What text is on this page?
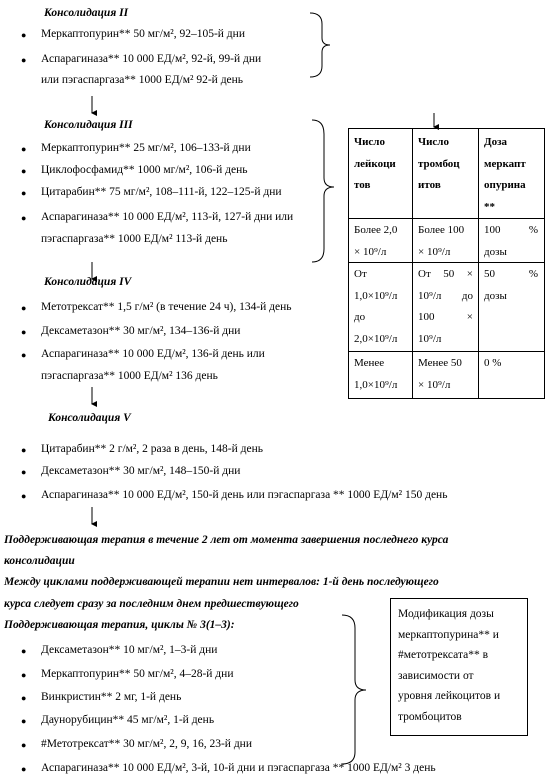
Консолидация II
● Меркаптопурин** 50 мг/м², 92–105-й дни
● Аспарагиназа** 10 000 ЕД/м², 92-й, 99-й дни
или пэгаспаргаза** 1000 ЕД/м² 92-й день
Консолидация III
● Меркаптопурин** 25 мг/м², 106–133-й дни
● Циклофосфамид** 1000 мг/м², 106-й день
● Цитарабин** 75 мг/м², 108–111-й, 122–125-й дни
● Аспарагиназа** 10 000 ЕД/м², 113-й, 127-й дни или
пэгаспаргаза** 1000 ЕД/м² 113-й день
Консолидация IV
● Метотрексат** 1,5 г/м² (в течение 24 ч), 134-й день
● Дексаметазон** 30 мг/м², 134–136-й дни
● Аспарагиназа** 10 000 ЕД/м², 136-й день или
пэгаспаргаза** 1000 ЕД/м² 136 день
Консолидация V
● Цитарабин** 2 г/м², 2 раза в день, 148-й день
● Дексаметазон** 30 мг/м², 148–150-й дни
● Аспарагиназа** 10 000 ЕД/м², 150-й день или пэгаспаргаза ** 1000 ЕД/м² 150 день
Число
лейкоци
тов
Число
тромбоц
итов
Доза
меркапт
опурина
**
Более 2,0
× 10⁹/л
Более 100
× 10⁹/л
100 %
дозы
От
1,0×10⁹/л
до
2,0×10⁹/л
От 50 ×
10⁹/л до
100 ×
10⁹/л
50 %
дозы
Менее
1,0×10⁹/л
Менее 50
× 10⁹/л
0 %
Поддерживающая терапия в течение 2 лет от момента завершения последнего курса
консолидации
Между циклами поддерживающей терапии нет интервалов: 1-й день последующего
курса следует сразу за последним днем предшествующего
Поддерживающая терапия, циклы № 3(1–3):
● Дексаметазон** 10 мг/м², 1–3-й дни
● Меркаптопурин** 50 мг/м², 4–28-й дни
● Винкристин** 2 мг, 1-й день
● Даунорубицин** 45 мг/м², 1-й день
● #Метотрексат** 30 мг/м², 2, 9, 16, 23-й дни
● Аспарагиназа** 10 000 ЕД/м², 3-й, 10-й дни и пэгаспаргаза ** 1000 ЕД/м² 3 день
Модификация дозы
меркаптопурина** и
#метотрексата** в
зависимости от
уровня лейкоцитов и
тромбоцитов
